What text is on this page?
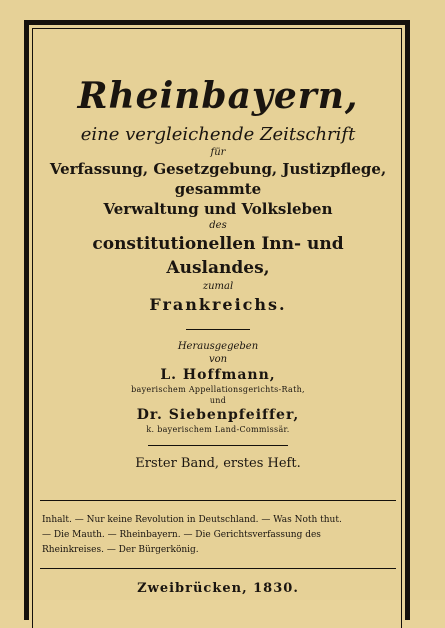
Rheinbayern,
eine vergleichende Zeitschrift
für
Verfassung, Gesetzgebung, Justizpflege, gesammte
Verwaltung und Volksleben
des
constitutionellen Inn- und Auslandes,
zumal
Frankreichs.
Herausgegeben
von
L. Hoffmann,
bayerischem Appellationsgerichts-Rath,
und
Dr. Siebenpfeiffer,
k. bayerischem Land-Commissär.
Erster Band, erstes Heft.
Inhalt. — Nur keine Revolution in Deutschland. — Was Noth thut.
— Die Mauth. — Rheinbayern. — Die Gerichtsverfassung des
Rheinkreises. — Der Bürgerkönig.
Zweibrücken, 1830.
